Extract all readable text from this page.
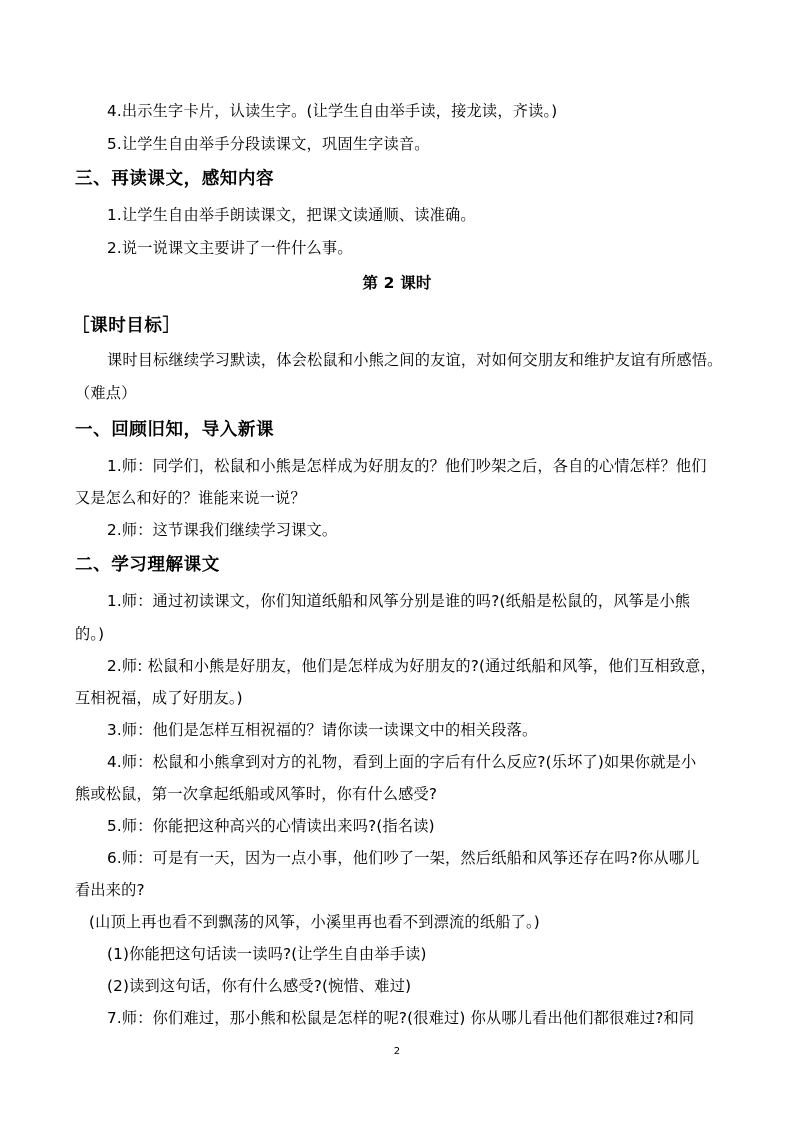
4.出示生字卡片，认读生字。(让学生自由举手读，接龙读，齐读。)
5.让学生自由举手分段读课文，巩固生字读音。
三、再读课文，感知内容
1.让学生自由举手朗读课文，把课文读通顺、读准确。
2.说一说课文主要讲了一件什么事。
第 2 课时
［课时目标］
课时目标继续学习默读，体会松鼠和小熊之间的友谊，对如何交朋友和维护友谊有所感悟。
（难点）
一、回顾旧知，导入新课
1.师：同学们，松鼠和小熊是怎样成为好朋友的？他们吵架之后，各自的心情怎样？他们
又是怎么和好的？谁能来说一说？
2.师：这节课我们继续学习课文。
二、学习理解课文
1.师：通过初读课文，你们知道纸船和风筝分别是谁的吗?(纸船是松鼠的，风筝是小熊
的。)
2.师: 松鼠和小熊是好朋友，他们是怎样成为好朋友的?(通过纸船和风筝，他们互相致意，
互相祝福，成了好朋友。)
3.师：他们是怎样互相祝福的？请你读一读课文中的相关段落。
4.师：松鼠和小熊拿到对方的礼物，看到上面的字后有什么反应?(乐坏了)如果你就是小
熊或松鼠，第一次拿起纸船或风筝时，你有什么感受?
5.师：你能把这种高兴的心情读出来吗?(指名读)
6.师：可是有一天，因为一点小事，他们吵了一架，然后纸船和风筝还存在吗?你从哪儿
看出来的?
(山顶上再也看不到飘荡的风筝，小溪里再也看不到漂流的纸船了。)
(1)你能把这句话读一读吗?(让学生自由举手读)
(2)读到这句话，你有什么感受?(惋惜、难过)
7.师：你们难过，那小熊和松鼠是怎样的呢?(很难过) 你从哪儿看出他们都很难过?和同
2
